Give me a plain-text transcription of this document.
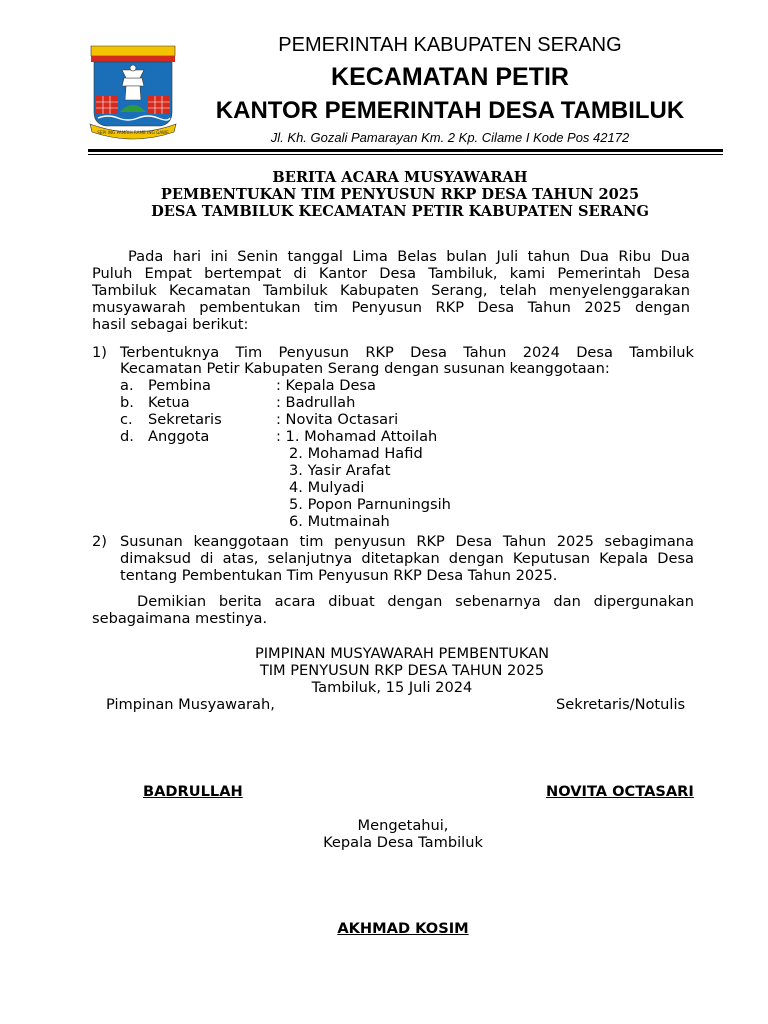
SEPI ING PAMRIH RAME ING GAWE
PEMERINTAH KABUPATEN SERANG
KECAMATAN PETIR
KANTOR PEMERINTAH DESA TAMBILUK
Jl. Kh. Gozali Pamarayan Km. 2 Kp. Cilame I Kode Pos 42172
BERITA ACARA MUSYAWARAH
PEMBENTUKAN TIM PENYUSUN RKP DESA TAHUN 2025
DESA TAMBILUK KECAMATAN PETIR KABUPATEN SERANG
Pada hari ini Senin tanggal Lima Belas bulan Juli tahun Dua Ribu Dua
Puluh Empat bertempat di Kantor Desa Tambiluk, kami Pemerintah Desa
Tambiluk Kecamatan Tambiluk Kabupaten Serang, telah menyelenggarakan
musyawarah pembentukan tim Penyusun RKP Desa Tahun 2025 dengan
hasil sebagai berikut:
1) Terbentuknya Tim Penyusun RKP Desa Tahun 2024 Desa Tambiluk
Kecamatan Petir Kabupaten Serang dengan susunan keanggotaan:
a. Pembina	: Kepala Desa
b. Ketua	: Badrullah
c. Sekretaris	: Novita Octasari
d. Anggota	: 1. Mohamad Attoilah
2. Mohamad Hafid
3. Yasir Arafat
4. Mulyadi
5. Popon Parnuningsih
6. Mutmainah
2) Susunan keanggotaan tim penyusun RKP Desa Tahun 2025 sebagimana
dimaksud di atas, selanjutnya ditetapkan dengan Keputusan Kepala Desa
tentang Pembentukan Tim Penyusun RKP Desa Tahun 2025.
Demikian berita acara dibuat dengan sebenarnya dan dipergunakan
sebagaimana mestinya.
PIMPINAN MUSYAWARAH PEMBENTUKAN
TIM PENYUSUN RKP DESA TAHUN 2025
Tambiluk, 15 Juli 2024
Pimpinan Musyawarah,	Sekretaris/Notulis
BADRULLAH	NOVITA OCTASARI
Mengetahui,
Kepala Desa Tambiluk
AKHMAD KOSIM
